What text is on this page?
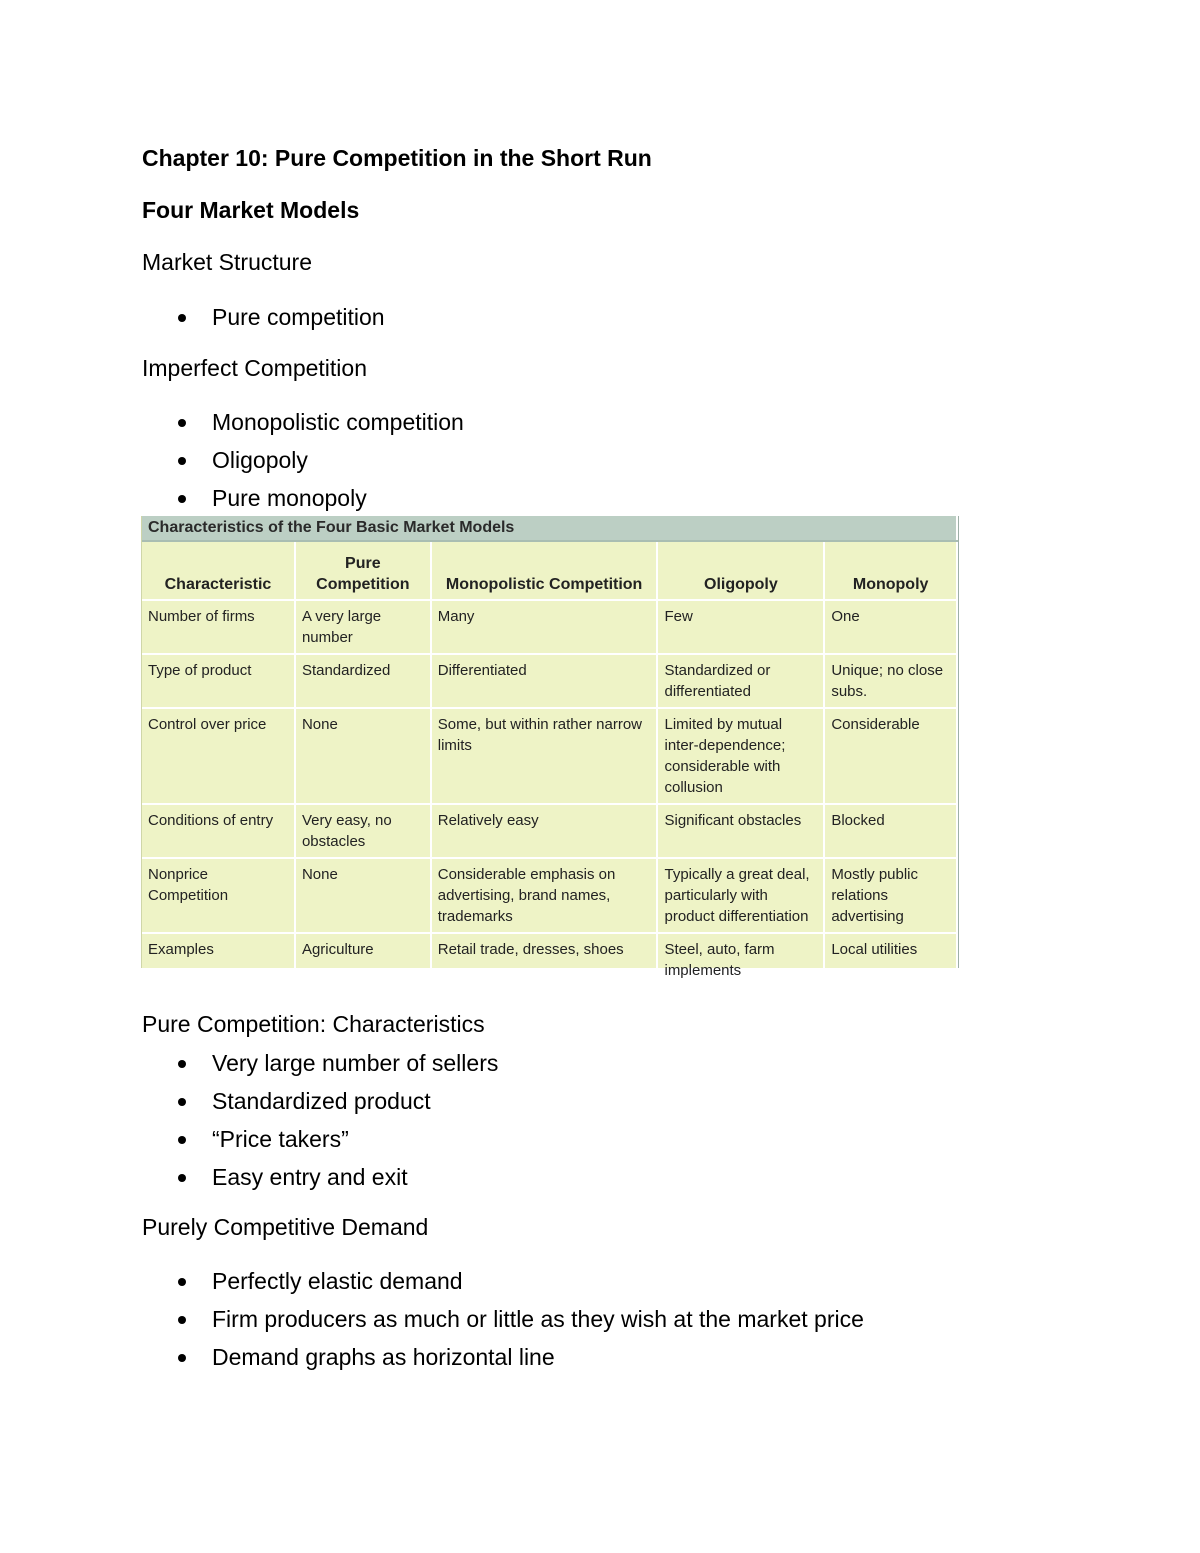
Chapter 10: Pure Competition in the Short Run

Four Market Models

Market Structure

Pure competition

Imperfect Competition

Monopolistic competition
Oligopoly
Pure monopoly
Characteristics of the Four Basic Market Models				
Characteristic	Pure Competition	Monopolistic Competition	Oligopoly	Monopoly
Number of firms	A very large number	Many	Few	One
Type of product	Standardized	Differentiated	Standardized or differentiated	Unique; no close subs.
Control over price	None	Some, but within rather narrow limits	Limited by mutual inter-dependence; considerable with collusion	Considerable
Conditions of entry	Very easy, no obstacles	Relatively easy	Significant obstacles	Blocked
Nonprice Competition	None	Considerable emphasis on advertising, brand names, trademarks	Typically a great deal, particularly with product differentiation	Mostly public relations advertising
Examples	Agriculture	Retail trade, dresses, shoes	Steel, auto, farm implements	Local utilities

Pure Competition: Characteristics

Very large number of sellers
Standardized product
“Price takers”
Easy entry and exit

Purely Competitive Demand

Perfectly elastic demand
Firm producers as much or little as they wish at the market price
Demand graphs as horizontal line
